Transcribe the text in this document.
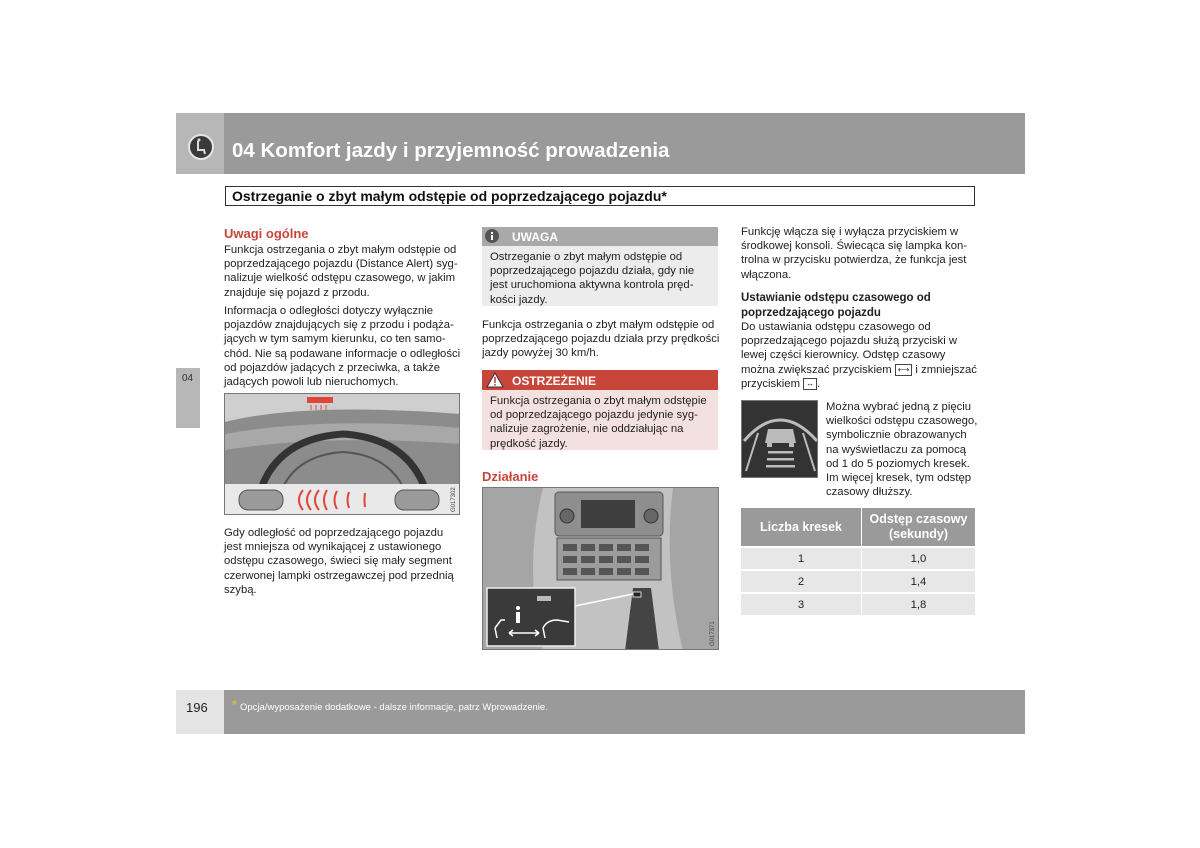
04 Komfort jazdy i przyjemność prowadzenia
Ostrzeganie o zbyt małym odstępie od poprzedzającego pojazdu*
04
Uwagi ogólne
Funkcja ostrzegania o zbyt małym odstępie od poprzedzającego pojazdu (Distance Alert) sygnalizuje wielkość odstępu czasowego, w jakim znajduje się pojazd z przodu.
Informacja o odległości dotyczy wyłącznie pojazdów znajdujących się z przodu i podążających w tym samym kierunku, co ten samochód. Nie są podawane informacje o odległości od pojazdów jadących z przeciwka, a także jadących powoli lub nieruchomych.
G017302
Gdy odległość od poprzedzającego pojazdu jest mniejsza od wynikającej z ustawionego odstępu czasowego, świeci się mały segment czerwonej lampki ostrzegawczej pod przednią szybą.
UWAGA
Ostrzeganie o zbyt małym odstępie od poprzedzającego pojazdu działa, gdy nie jest uruchomiona aktywna kontrola prędkości jazdy.
Funkcja ostrzegania o zbyt małym odstępie od poprzedzającego pojazdu działa przy prędkości jazdy powyżej 30 km/h.
OSTRZEŻENIE
Funkcja ostrzegania o zbyt małym odstępie od poprzedzającego pojazdu jedynie sygnalizuje zagrożenie, nie oddziałując na prędkość jazdy.
Działanie
G017371
Funkcję włącza się i wyłącza przyciskiem w środkowej konsoli. Świecąca się lampka kontrolna w przycisku potwierdza, że funkcja jest włączona.
Ustawianie odstępu czasowego od poprzedzającego pojazdu
Do ustawiania odstępu czasowego od poprzedzającego pojazdu służą przyciski w lewej części kierownicy. Odstęp czasowy można zwiększać przyciskiem ⟷ i zmniejszać przyciskiem ↔ .
Można wybrać jedną z pięciu wielkości odstępu czasowego, symbolicznie obrazowanych na wyświetlaczu za pomocą od 1 do 5 poziomych kresek. Im więcej kresek, tym odstęp czasowy dłuższy.
Liczba kresek	Odstęp czasowy (sekundy)
1	1,0
2	1,4
3	1,8
196 * Opcja/wyposażenie dodatkowe - dalsze informacje, patrz Wprowadzenie.
